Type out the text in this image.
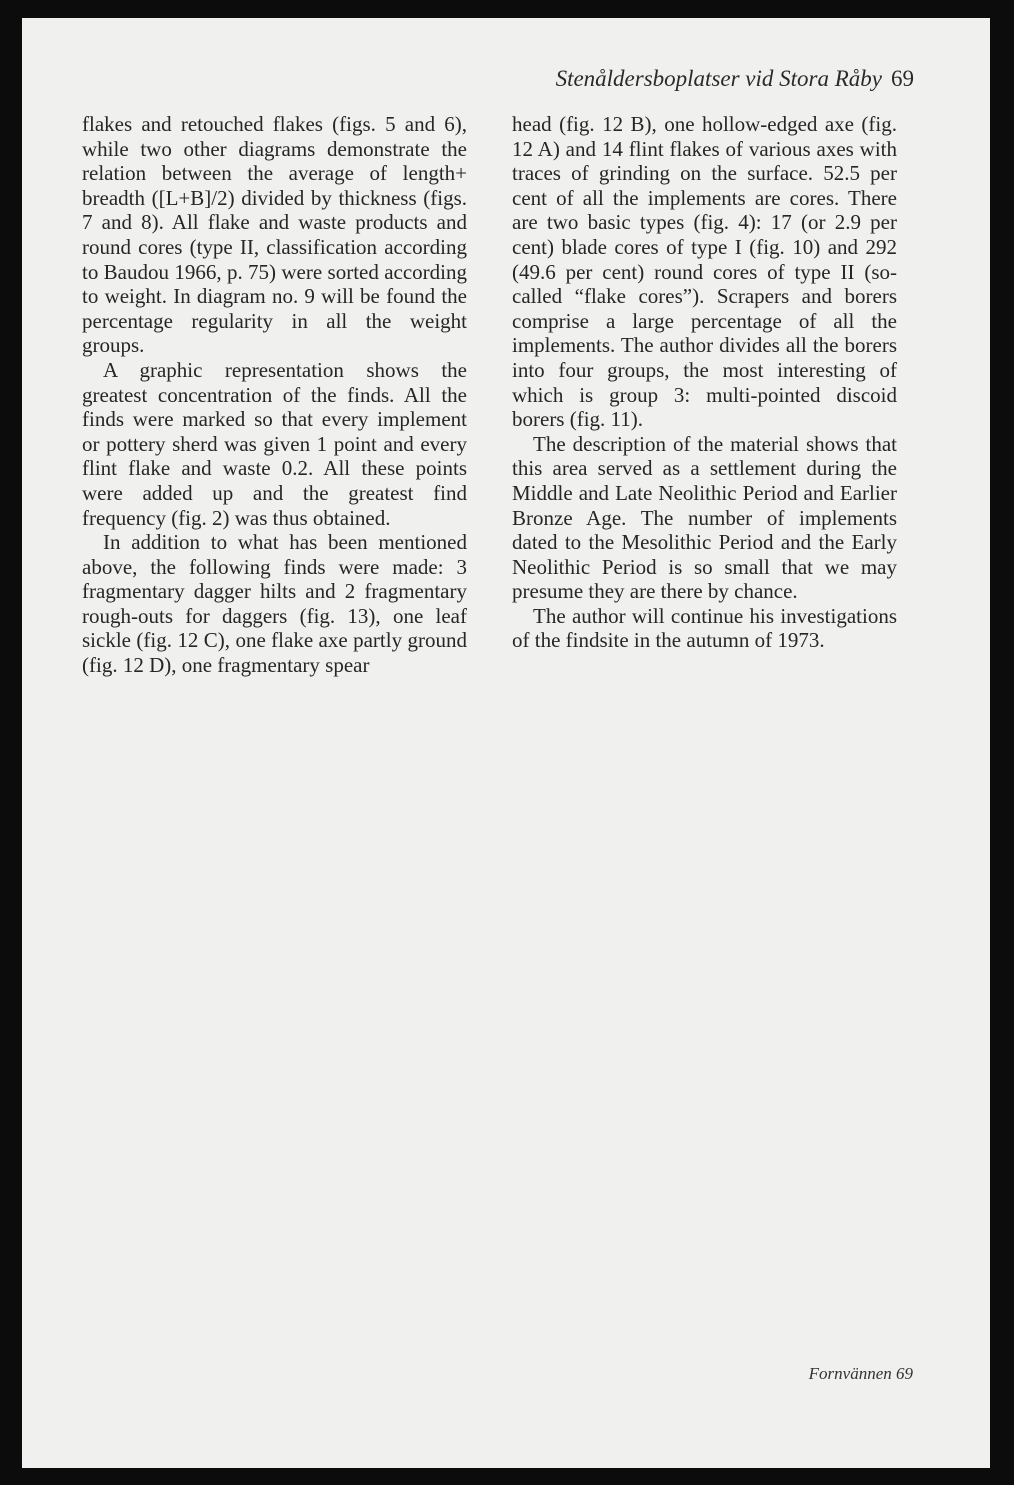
Stenåldersboplatser vid Stora Råby 69

flakes and retouched flakes (figs. 5 and 6), while two other diagrams demonstrate the relation between the average of length+ breadth ([L+B]/2) divided by thickness (figs. 7 and 8). All flake and waste products and round cores (type II, classification according to Baudou 1966, p. 75) were sorted according to weight. In diagram no. 9 will be found the percentage regularity in all the weight groups.

A graphic representation shows the greatest concentration of the finds. All the finds were marked so that every implement or pottery sherd was given 1 point and every flint flake and waste 0.2. All these points were added up and the greatest find frequency (fig. 2) was thus obtained.

In addition to what has been mentioned above, the following finds were made: 3 fragmentary dagger hilts and 2 fragmentary rough-outs for daggers (fig. 13), one leaf sickle (fig. 12 C), one flake axe partly ground (fig. 12 D), one fragmentary spear

head (fig. 12 B), one hollow-edged axe (fig. 12 A) and 14 flint flakes of various axes with traces of grinding on the surface. 52.5 per cent of all the implements are cores. There are two basic types (fig. 4): 17 (or 2.9 per cent) blade cores of type I (fig. 10) and 292 (49.6 per cent) round cores of type II (so-called “flake cores”). Scrapers and borers comprise a large percentage of all the implements. The author divides all the borers into four groups, the most interesting of which is group 3: multi-pointed discoid borers (fig. 11).

The description of the material shows that this area served as a settlement during the Middle and Late Neolithic Period and Earlier Bronze Age. The number of implements dated to the Mesolithic Period and the Early Neolithic Period is so small that we may presume they are there by chance.

The author will continue his investigations of the findsite in the autumn of 1973.

Fornvännen 69
